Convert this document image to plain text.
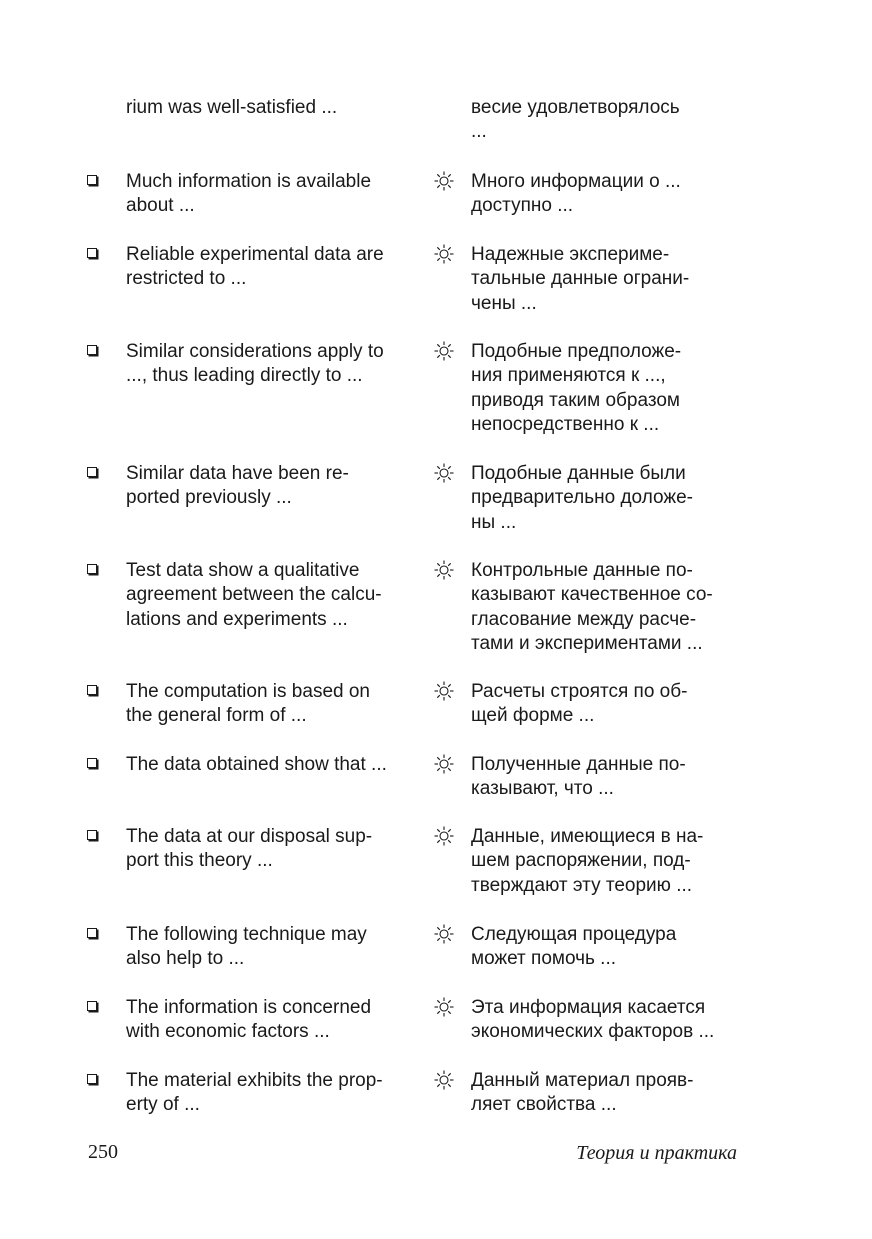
rium was well-satisfied ...	весие удовлетворялось
...
Much information is available
about ...
Много информации о ...
доступно ...
Reliable experimental data are
restricted to ...
Надежные экспериме-
тальные данные ограни-
чены ...
Similar considerations apply to
..., thus leading directly to ...
Подобные предположе-
ния применяются к ...,
приводя таким образом
непосредственно к ...
Similar data have been re-
ported previously ...
Подобные данные были
предварительно доложе-
ны ...
Test data show a qualitative
agreement between the calcu-
lations and experiments ...
Контрольные данные по-
казывают качественное со-
гласование между расче-
тами и экспериментами ...
The computation is based on
the general form of ...
Расчеты строятся по об-
щей форме ...
The data obtained show that ...	Полученные данные по-
казывают, что ...
The data at our disposal sup-
port this theory ...
Данные, имеющиеся в на-
шем распоряжении, под-
тверждают эту теорию ...
The following technique may
also help to ...
Следующая процедура
может помочь ...
The information is concerned
with economic factors ...
Эта информация касается
экономических факторов ...
The material exhibits the prop-
erty of ...
Данный материал прояв-
ляет свойства ...
250	Теория и практика
